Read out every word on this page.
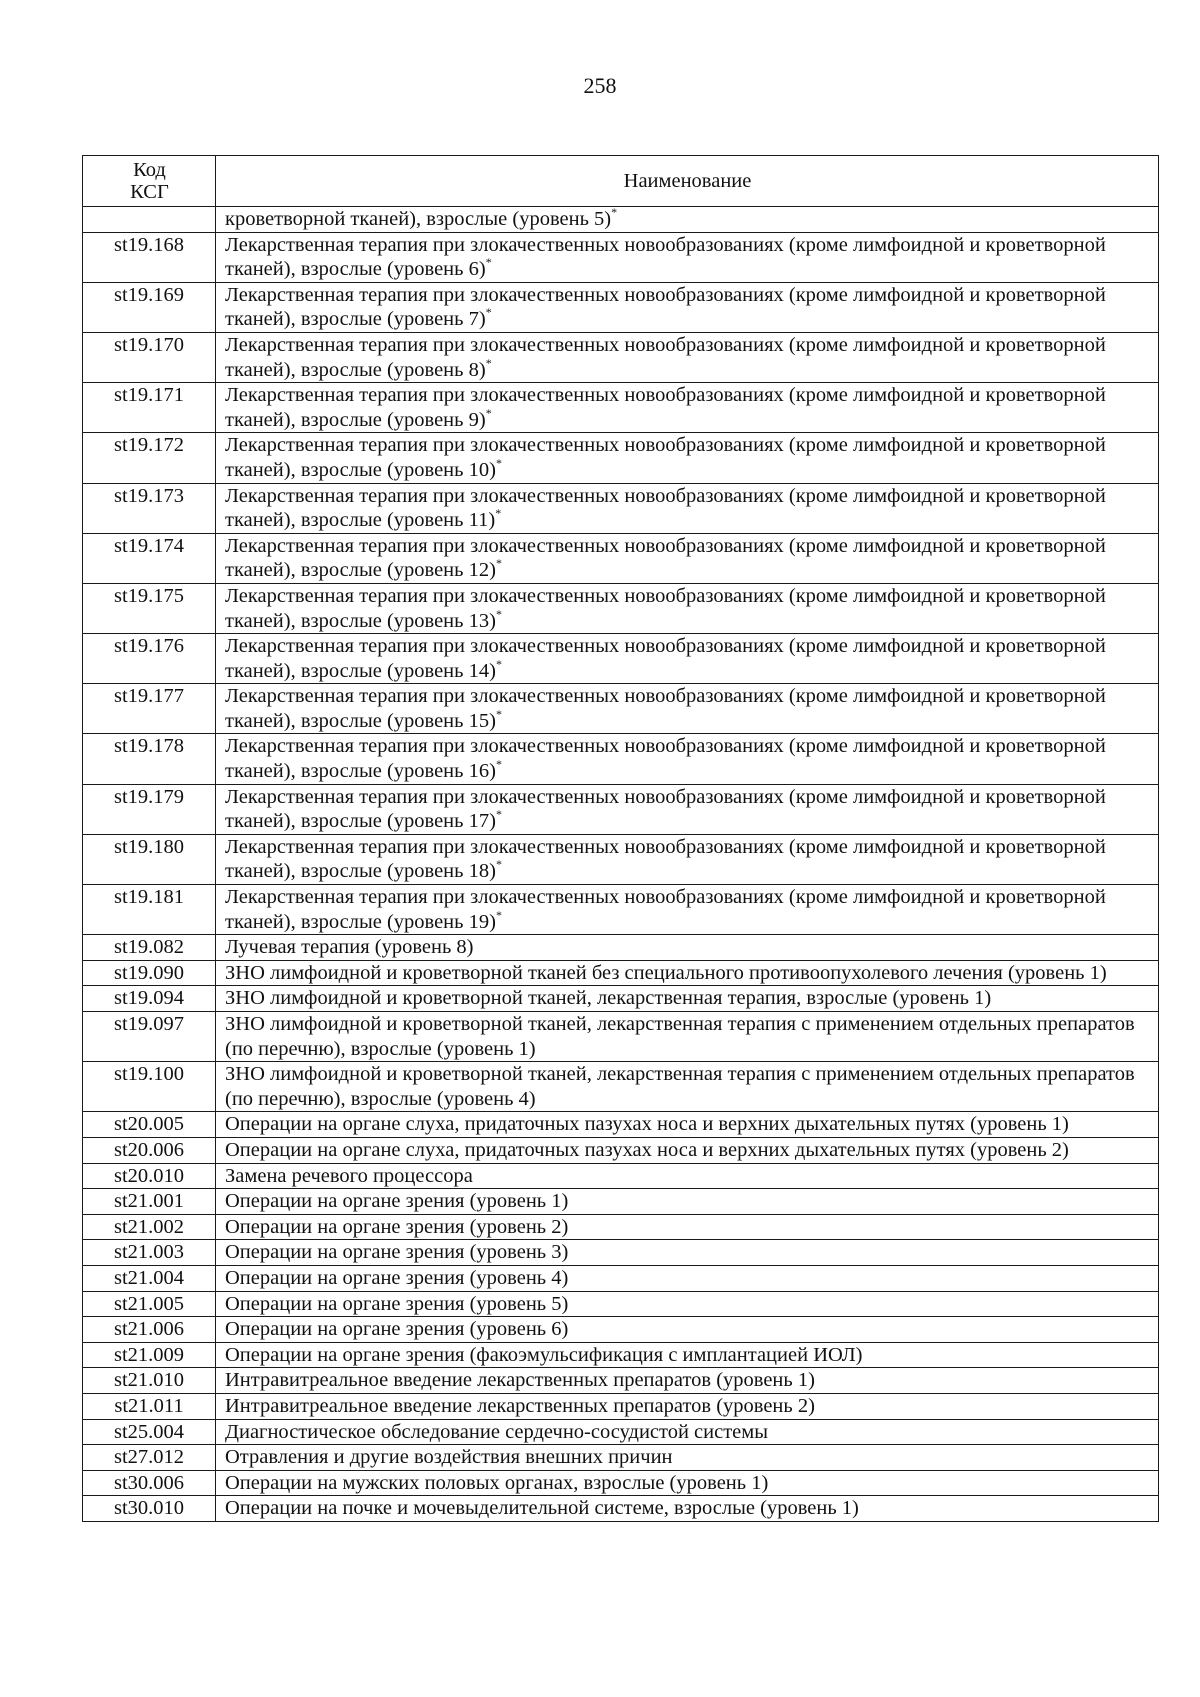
258
Код
КСГ	Наименование
	кроветворной тканей), взрослые (уровень 5)*
st19.168	Лекарственная терапия при злокачественных новообразованиях (кроме лимфоидной и кроветворной тканей), взрослые (уровень 6)*
st19.169	Лекарственная терапия при злокачественных новообразованиях (кроме лимфоидной и кроветворной тканей), взрослые (уровень 7)*
st19.170	Лекарственная терапия при злокачественных новообразованиях (кроме лимфоидной и кроветворной тканей), взрослые (уровень 8)*
st19.171	Лекарственная терапия при злокачественных новообразованиях (кроме лимфоидной и кроветворной тканей), взрослые (уровень 9)*
st19.172	Лекарственная терапия при злокачественных новообразованиях (кроме лимфоидной и кроветворной тканей), взрослые (уровень 10)*
st19.173	Лекарственная терапия при злокачественных новообразованиях (кроме лимфоидной и кроветворной тканей), взрослые (уровень 11)*
st19.174	Лекарственная терапия при злокачественных новообразованиях (кроме лимфоидной и кроветворной тканей), взрослые (уровень 12)*
st19.175	Лекарственная терапия при злокачественных новообразованиях (кроме лимфоидной и кроветворной тканей), взрослые (уровень 13)*
st19.176	Лекарственная терапия при злокачественных новообразованиях (кроме лимфоидной и кроветворной тканей), взрослые (уровень 14)*
st19.177	Лекарственная терапия при злокачественных новообразованиях (кроме лимфоидной и кроветворной тканей), взрослые (уровень 15)*
st19.178	Лекарственная терапия при злокачественных новообразованиях (кроме лимфоидной и кроветворной тканей), взрослые (уровень 16)*
st19.179	Лекарственная терапия при злокачественных новообразованиях (кроме лимфоидной и кроветворной тканей), взрослые (уровень 17)*
st19.180	Лекарственная терапия при злокачественных новообразованиях (кроме лимфоидной и кроветворной тканей), взрослые (уровень 18)*
st19.181	Лекарственная терапия при злокачественных новообразованиях (кроме лимфоидной и кроветворной тканей), взрослые (уровень 19)*
st19.082	Лучевая терапия (уровень 8)
st19.090	ЗНО лимфоидной и кроветворной тканей без специального противоопухолевого лечения (уровень 1)
st19.094	ЗНО лимфоидной и кроветворной тканей, лекарственная терапия, взрослые (уровень 1)
st19.097	ЗНО лимфоидной и кроветворной тканей, лекарственная терапия с применением отдельных препаратов (по перечню), взрослые (уровень 1)
st19.100	ЗНО лимфоидной и кроветворной тканей, лекарственная терапия с применением отдельных препаратов (по перечню), взрослые (уровень 4)
st20.005	Операции на органе слуха, придаточных пазухах носа и верхних дыхательных путях (уровень 1)
st20.006	Операции на органе слуха, придаточных пазухах носа и верхних дыхательных путях (уровень 2)
st20.010	Замена речевого процессора
st21.001	Операции на органе зрения (уровень 1)
st21.002	Операции на органе зрения (уровень 2)
st21.003	Операции на органе зрения (уровень 3)
st21.004	Операции на органе зрения (уровень 4)
st21.005	Операции на органе зрения (уровень 5)
st21.006	Операции на органе зрения (уровень 6)
st21.009	Операции на органе зрения (факоэмульсификация с имплантацией ИОЛ)
st21.010	Интравитреальное введение лекарственных препаратов (уровень 1)
st21.011	Интравитреальное введение лекарственных препаратов (уровень 2)
st25.004	Диагностическое обследование сердечно-сосудистой системы
st27.012	Отравления и другие воздействия внешних причин
st30.006	Операции на мужских половых органах, взрослые (уровень 1)
st30.010	Операции на почке и мочевыделительной системе, взрослые (уровень 1)
